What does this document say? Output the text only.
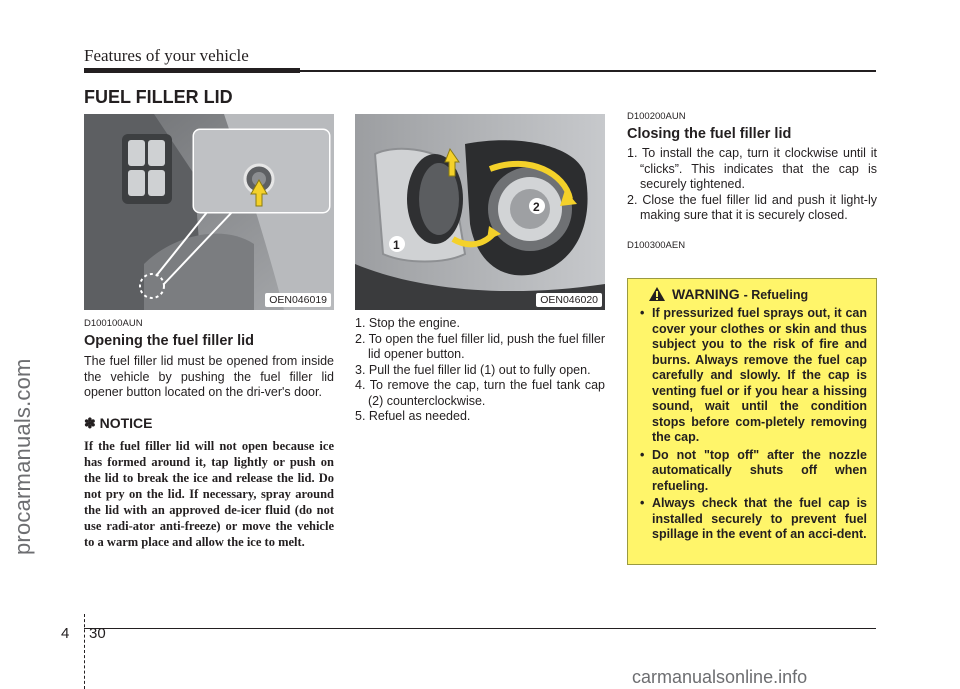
Features of your vehicle
procarmanuals.com
FUEL FILLER LID
OEN046019
2
1
OEN046020
D100100AUN
Opening the fuel filler lid
The fuel filler lid must be opened from inside the vehicle by pushing the fuel filler lid opener button located on the dri-ver's door.
✽ NOTICE
If the fuel filler lid will not open because ice has formed around it, tap lightly or push on the lid to break the ice and release the lid. Do not pry on the lid. If necessary, spray around the lid with an approved de-icer fluid (do not use radi-ator anti-freeze) or move the vehicle to a warm place and allow the ice to melt.
1. Stop the engine.
2. To open the fuel filler lid, push the fuel filler lid opener button.
3. Pull the fuel filler lid (1) out to fully open.
4. To remove the cap, turn the fuel tank cap (2) counterclockwise.
5. Refuel as needed.
D100200AUN
Closing the fuel filler lid
1. To install the cap, turn it clockwise until it “clicks”. This indicates that the cap is securely tightened.
2. Close the fuel filler lid and push it light-ly making sure that it is securely closed.
D100300AEN
WARNING - Refueling
• If pressurized fuel sprays out, it can cover your clothes or skin and thus subject you to the risk of fire and burns. Always remove the fuel cap carefully and slowly. If the cap is venting fuel or if you hear a hissing sound, wait until the condition stops before com-pletely removing the cap.
• Do not "top off" after the nozzle automatically shuts off when refueling.
• Always check that the fuel cap is installed securely to prevent fuel spillage in the event of an acci-dent.
4 30
carmanualsonline.info
